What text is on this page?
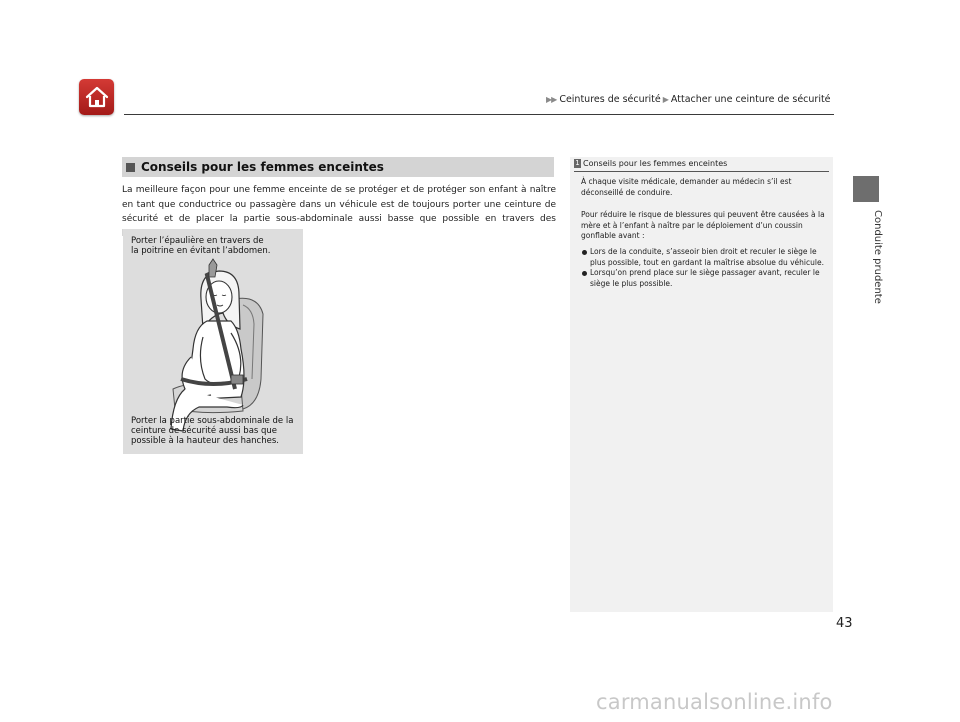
▶▶ Ceintures de sécurité ▶ Attacher une ceinture de sécurité
Conduite prudente
Conseils pour les femmes enceintes
La meilleure façon pour une femme enceinte de se protéger et de protéger son enfant à naître en tant que conductrice ou passagère dans un véhicule est de toujours porter une ceinture de sécurité et de placer la partie sous-abdominale aussi basse que possible en travers des
Porter l’épaulière en travers de la poitrine en évitant l’abdomen.
Porter la partie sous-abdominale de la ceinture de sécurité aussi bas que possible à la hauteur des hanches.
1 Conseils pour les femmes enceintes
À chaque visite médicale, demander au médecin s’il est déconseillé de conduire.
Pour réduire le risque de blessures qui peuvent être causées à la mère et à l’enfant à naître par le déploiement d’un coussin gonflable avant :
Lors de la conduite, s’asseoir bien droit et reculer le siège le plus possible, tout en gardant la maîtrise absolue du véhicule.
Lorsqu’on prend place sur le siège passager avant, reculer le siège le plus possible.
43
carmanualsonline.info
